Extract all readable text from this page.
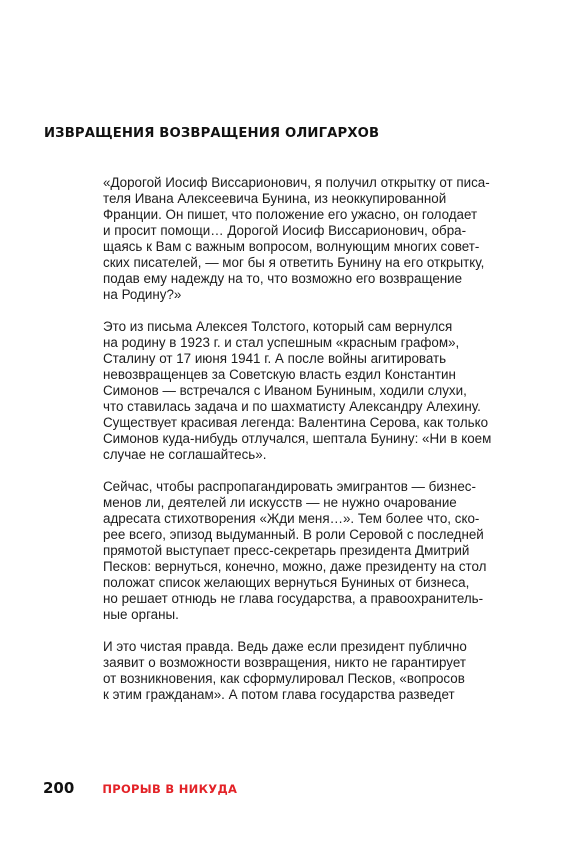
ИЗВРАЩЕНИЯ ВОЗВРАЩЕНИЯ ОЛИГАРХОВ
«Дорогой Иосиф Виссарионович, я получил открытку от писа-
теля Ивана Алексеевича Бунина, из неоккупированной
Франции. Он пишет, что положение его ужасно, он голодает
и просит помощи… Дорогой Иосиф Виссарионович, обра-
щаясь к Вам с важным вопросом, волнующим многих совет-
ских писателей, — мог бы я ответить Бунину на его открытку,
подав ему надежду на то, что возможно его возвращение
на Родину?»
Это из письма Алексея Толстого, который сам вернулся
на родину в 1923 г. и стал успешным «красным графом»,
Сталину от 17 июня 1941 г. А после войны агитировать
невозвращенцев за Советскую власть ездил Константин
Симонов — встречался с Иваном Буниным, ходили слухи,
что ставилась задача и по шахматисту Александру Алехину.
Существует красивая легенда: Валентина Серова, как только
Симонов куда-нибудь отлучался, шептала Бунину: «Ни в коем
случае не соглашайтесь».
Сейчас, чтобы распропагандировать эмигрантов — бизнес-
менов ли, деятелей ли искусств — не нужно очарование
адресата стихотворения «Жди меня…». Тем более что, ско-
рее всего, эпизод выдуманный. В роли Серовой с последней
прямотой выступает пресс-секретарь президента Дмитрий
Песков: вернуться, конечно, можно, даже президенту на стол
положат список желающих вернуться Буниных от бизнеса,
но решает отнюдь не глава государства, а правоохранитель-
ные органы.
И это чистая правда. Ведь даже если президент публично
заявит о возможности возвращения, никто не гарантирует
от возникновения, как сформулировал Песков, «вопросов
к этим гражданам». А потом глава государства разведет
200 ПРОРЫВ В НИКУДА
